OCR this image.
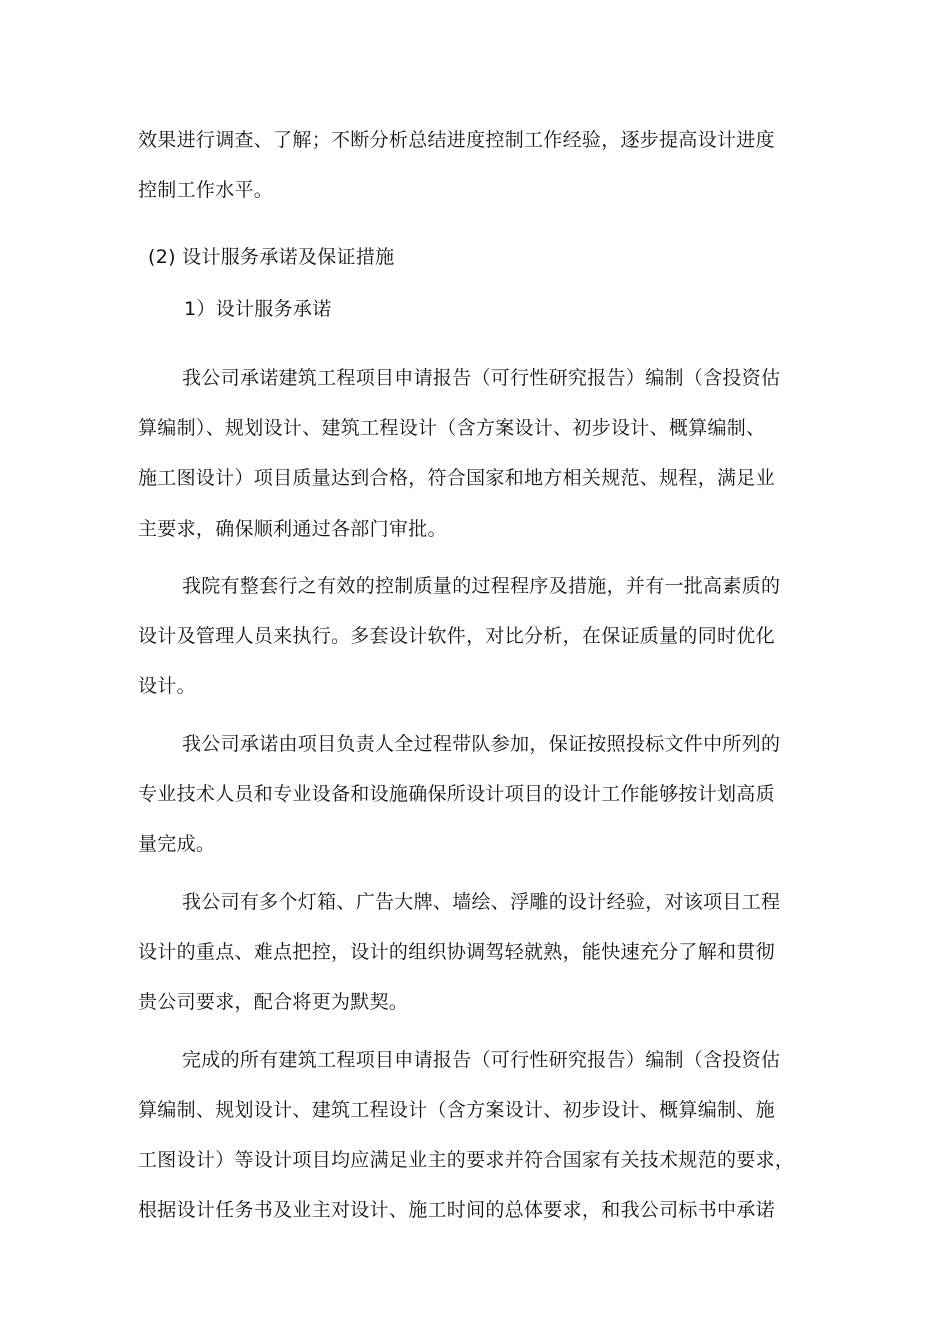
效果进行调查、了解；不断分析总结进度控制工作经验，逐步提高设计进度
控制工作水平。
(2) 设计服务承诺及保证措施
1）设计服务承诺
我公司承诺建筑工程项目申请报告（可行性研究报告）编制（含投资估
算编制）、规划设计、建筑工程设计（含方案设计、初步设计、概算编制、
施工图设计）项目质量达到合格，符合国家和地方相关规范、规程，满足业
主要求，确保顺利通过各部门审批。
我院有整套行之有效的控制质量的过程程序及措施，并有一批高素质的
设计及管理人员来执行。多套设计软件，对比分析，在保证质量的同时优化
设计。
我公司承诺由项目负责人全过程带队参加，保证按照投标文件中所列的
专业技术人员和专业设备和设施确保所设计项目的设计工作能够按计划高质
量完成。
我公司有多个灯箱、广告大牌、墙绘、浮雕的设计经验，对该项目工程
设计的重点、难点把控，设计的组织协调驾轻就熟，能快速充分了解和贯彻
贵公司要求，配合将更为默契。
完成的所有建筑工程项目申请报告（可行性研究报告）编制（含投资估
算编制、规划设计、建筑工程设计（含方案设计、初步设计、概算编制、施
工图设计）等设计项目均应满足业主的要求并符合国家有关技术规范的要求，
根据设计任务书及业主对设计、施工时间的总体要求，和我公司标书中承诺
